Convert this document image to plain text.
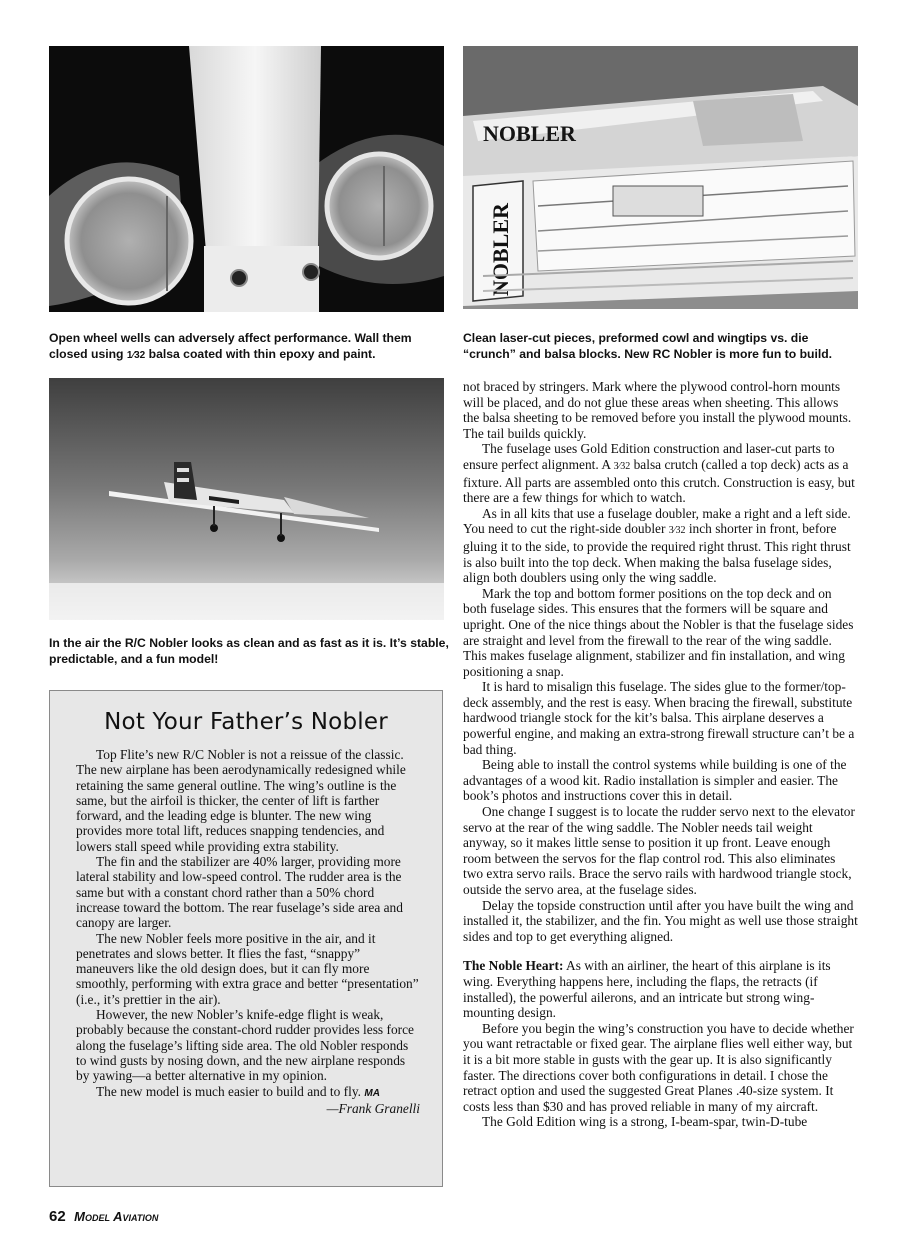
NOBLER
NOBLER
Open wheel wells can adversely affect performance. Wall them closed using 1⁄32 balsa coated with thin epoxy and paint.
Clean laser-cut pieces, preformed cowl and wingtips vs. die “crunch” and balsa blocks. New RC Nobler is more fun to build.
In the air the R/C Nobler looks as clean and as fast as it is. It’s stable, predictable, and a fun model!
Not Your Father’s Nobler

Top Flite’s new R/C Nobler is not a reissue of the classic. The new airplane has been aerodynamically redesigned while retaining the same general outline. The wing’s outline is the same, but the airfoil is thicker, the center of lift is farther forward, and the leading edge is blunter. The new wing provides more total lift, reduces snapping tendencies, and lowers stall speed while providing extra stability.

The fin and the stabilizer are 40% larger, providing more lateral stability and low-speed control. The rudder area is the same but with a constant chord rather than a 50% chord increase toward the bottom. The rear fuselage’s side area and canopy are larger.

The new Nobler feels more positive in the air, and it penetrates and slows better. It flies the fast, “snappy” maneuvers like the old design does, but it can fly more smoothly, performing with extra grace and better “presentation” (i.e., it’s prettier in the air).

However, the new Nobler’s knife-edge flight is weak, probably because the constant-chord rudder provides less force along the fuselage’s lifting side area. The old Nobler responds to wind gusts by nosing down, and the new airplane responds by yawing—a better alternative in my opinion.

The new model is much easier to build and to fly. MA

—Frank Granelli

not braced by stringers. Mark where the plywood control-horn mounts will be placed, and do not glue these areas when sheeting. This allows the balsa sheeting to be removed before you install the plywood mounts. The tail builds quickly.

The fuselage uses Gold Edition construction and laser-cut parts to ensure perfect alignment. A 3⁄32 balsa crutch (called a top deck) acts as a fixture. All parts are assembled onto this crutch. Construction is easy, but there are a few things for which to watch.

As in all kits that use a fuselage doubler, make a right and a left side. You need to cut the right-side doubler 3⁄32 inch shorter in front, before gluing it to the side, to provide the required right thrust. This right thrust is also built into the top deck. When making the balsa fuselage sides, align both doublers using only the wing saddle.

Mark the top and bottom former positions on the top deck and on both fuselage sides. This ensures that the formers will be square and upright. One of the nice things about the Nobler is that the fuselage sides are straight and level from the firewall to the rear of the wing saddle. This makes fuselage alignment, stabilizer and fin installation, and wing positioning a snap.

It is hard to misalign this fuselage. The sides glue to the former/top-deck assembly, and the rest is easy. When bracing the firewall, substitute hardwood triangle stock for the kit’s balsa. This airplane deserves a powerful engine, and making an extra-strong firewall structure can’t be a bad thing.

Being able to install the control systems while building is one of the advantages of a wood kit. Radio installation is simpler and easier. The book’s photos and instructions cover this in detail.

One change I suggest is to locate the rudder servo next to the elevator servo at the rear of the wing saddle. The Nobler needs tail weight anyway, so it makes little sense to position it up front. Leave enough room between the servos for the flap control rod. This also eliminates two extra servo rails. Brace the servo rails with hardwood triangle stock, outside the servo area, at the fuselage sides.

Delay the topside construction until after you have built the wing and installed it, the stabilizer, and the fin. You might as well use those straight sides and top to get everything aligned.

The Noble Heart: As with an airliner, the heart of this airplane is its wing. Everything happens here, including the flaps, the retracts (if installed), the powerful ailerons, and an intricate but strong wing-mounting design.

Before you begin the wing’s construction you have to decide whether you want retractable or fixed gear. The airplane flies well either way, but it is a bit more stable in gusts with the gear up. It is also significantly faster. The directions cover both configurations in detail. I chose the retract option and used the suggested Great Planes .40-size system. It costs less than $30 and has proved reliable in many of my aircraft.

The Gold Edition wing is a strong, I-beam-spar, twin-D-tube

62 Model Aviation
